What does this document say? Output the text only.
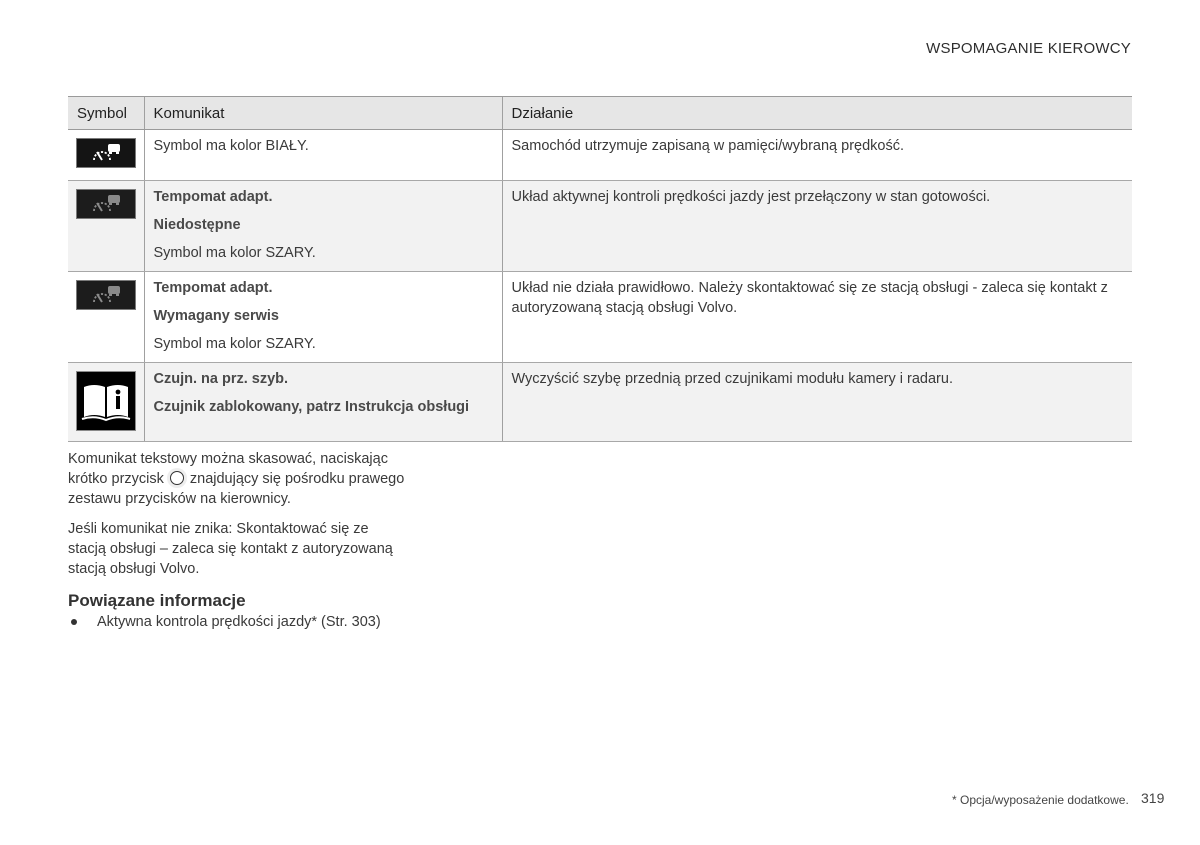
WSPOMAGANIE KIEROWCY
Symbol	Komunikat	Działanie

Symbol ma kolor BIAŁY.	Samochód utrzymuje zapisaną w pamięci/wybraną prędkość.

Tempomat adapt.
Niedostępne
Symbol ma kolor SZARY.	Układ aktywnej kontroli prędkości jazdy jest przełączony w stan gotowości.

Tempomat adapt.
Wymagany serwis
Symbol ma kolor SZARY.	Układ nie działa prawidłowo. Należy skontaktować się ze stacją obsługi - zaleca się kontakt z autoryzowaną stacją obsługi Volvo.

Czujn. na prz. szyb.
Czujnik zablokowany, patrz Instrukcja obsługi	Wyczyścić szybę przednią przed czujnikami modułu kamery i radaru.
Komunikat tekstowy można skasować, naciskając krótko przycisk znajdujący się pośrodku prawego zestawu przycisków na kierownicy.
Jeśli komunikat nie znika: Skontaktować się ze stacją obsługi – zaleca się kontakt z autoryzowaną stacją obsługi Volvo.
Powiązane informacje
Aktywna kontrola prędkości jazdy* (Str. 303)
* Opcja/wyposażenie dodatkowe. 319
